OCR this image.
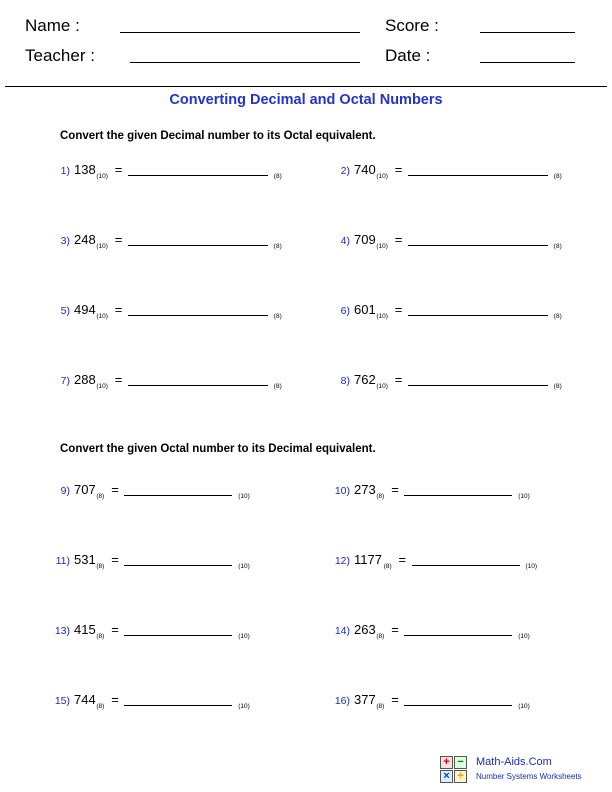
Name :	Score :
Teacher :	Date :
Converting Decimal and Octal Numbers
Convert the given Decimal number to its Octal equivalent.
1) 138 (10) =	(8)	2) 740 (10) =	(8)
3) 248 (10) =	(8)	4) 709 (10) =	(8)
5) 494 (10) =	(8)	6) 601 (10) =	(8)
7) 288 (10) =	(8)	8) 762 (10) =	(8)
Convert the given Octal number to its Decimal equivalent.
9) 707 (8) =	(10)	10) 273 (8) =	(10)
11) 531 (8) =	(10)	12) 1177 (8) =	(10)
13) 415 (8) =	(10)	14) 263 (8) =	(10)
15) 744 (8) =	(10)	16) 377 (8) =	(10)
+ −
× ÷
Math-Aids.Com
Number Systems Worksheets
